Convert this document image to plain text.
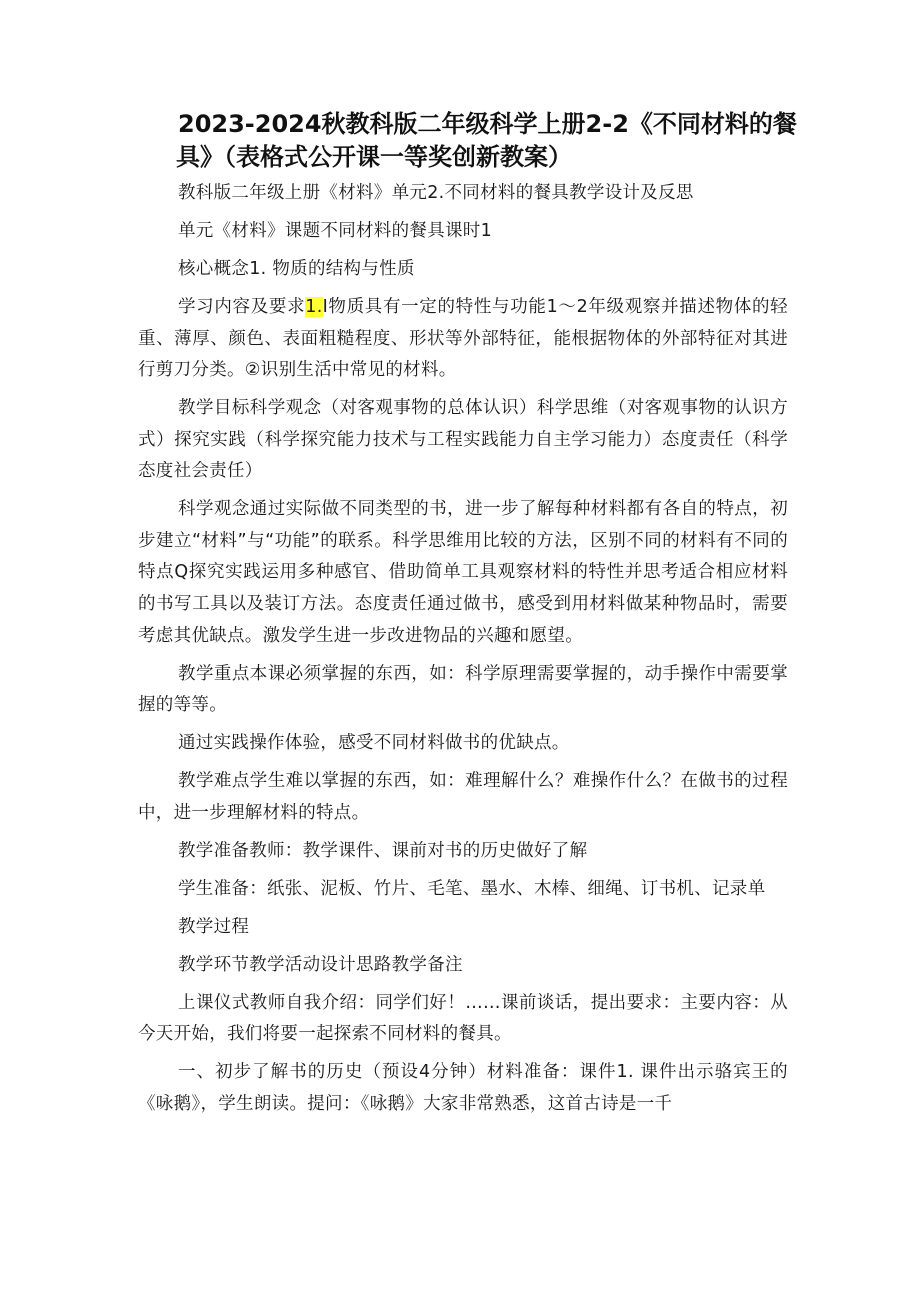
2023-2024秋教科版二年级科学上册2-2《不同材料的餐
具》（表格式公开课一等奖创新教案）

教科版二年级上册《材料》单元2.不同材料的餐具教学设计及反思

单元《材料》课题不同材料的餐具课时1

核心概念1. 物质的结构与性质

学习内容及要求1.I物质具有一定的特性与功能1〜2年级观察并描述物体的轻重、薄厚、颜色、表面粗糙程度、形状等外部特征，能根据物体的外部特征对其进行剪刀分类。②识别生活中常见的材料。

教学目标科学观念（对客观事物的总体认识）科学思维（对客观事物的认识方式）探究实践（科学探究能力技术与工程实践能力自主学习能力）态度责任（科学态度社会责任）

科学观念通过实际做不同类型的书，进一步了解每种材料都有各自的特点，初步建立“材料”与“功能”的联系。科学思维用比较的方法，区别不同的材料有不同的特点Q探究实践运用多种感官、借助简单工具观察材料的特性并思考适合相应材料的书写工具以及装订方法。态度责任通过做书，感受到用材料做某种物品时，需要考虑其优缺点。激发学生进一步改进物品的兴趣和愿望。

教学重点本课必须掌握的东西，如：科学原理需要掌握的，动手操作中需要掌握的等等。

通过实践操作体验，感受不同材料做书的优缺点。

教学难点学生难以掌握的东西，如：难理解什么？难操作什么？在做书的过程中，进一步理解材料的特点。

教学准备教师：教学课件、课前对书的历史做好了解

学生准备：纸张、泥板、竹片、毛笔、墨水、木棒、细绳、订书机、记录单

教学过程

教学环节教学活动设计思路教学备注

上课仪式教师自我介绍：同学们好！……课前谈话，提出要求：主要内容：从今天开始，我们将要一起探索不同材料的餐具。

一、初步了解书的历史（预设4分钟）材料准备：课件1. 课件出示骆宾王的《咏鹅》，学生朗读。提问：《咏鹅》大家非常熟悉，这首古诗是一千
